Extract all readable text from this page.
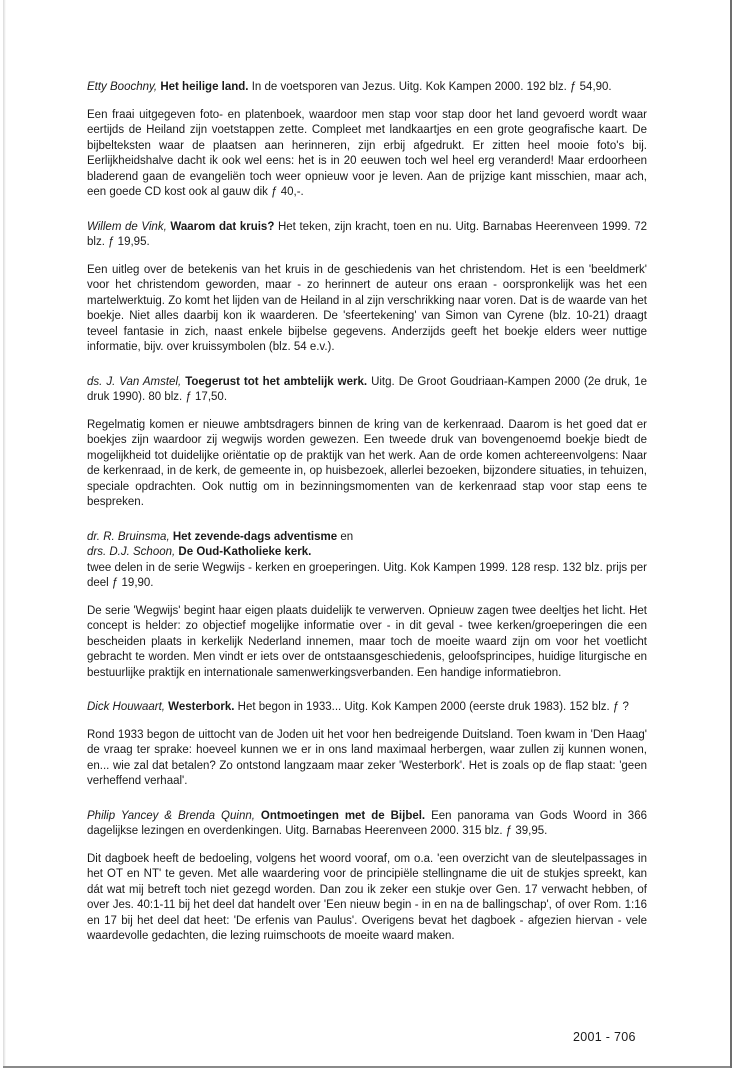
Etty Boochny, Het heilige land. In de voetsporen van Jezus. Uitg. Kok Kampen 2000. 192 blz. ƒ 54,90.

Een fraai uitgegeven foto- en platenboek, waardoor men stap voor stap door het land gevoerd wordt waar eertijds de Heiland zijn voetstappen zette. Compleet met landkaartjes en een grote geografische kaart. De bijbelteksten waar de plaatsen aan herinneren, zijn erbij afgedrukt. Er zitten heel mooie foto's bij. Eerlijkheidshalve dacht ik ook wel eens: het is in 20 eeuwen toch wel heel erg veranderd! Maar erdoorheen bladerend gaan de evangeliën toch weer opnieuw voor je leven. Aan de prijzige kant misschien, maar ach, een goede CD kost ook al gauw dik ƒ 40,-.

Willem de Vink, Waarom dat kruis? Het teken, zijn kracht, toen en nu. Uitg. Barnabas Heerenveen 1999. 72 blz. ƒ 19,95.

Een uitleg over de betekenis van het kruis in de geschiedenis van het christendom. Het is een 'beeldmerk' voor het christendom geworden, maar - zo herinnert de auteur ons eraan - oorspronkelijk was het een martelwerktuig. Zo komt het lijden van de Heiland in al zijn verschrikking naar voren. Dat is de waarde van het boekje. Niet alles daarbij kon ik waarderen. De 'sfeertekening' van Simon van Cyrene (blz. 10-21) draagt teveel fantasie in zich, naast enkele bijbelse gegevens. Anderzijds geeft het boekje elders weer nuttige informatie, bijv. over kruissymbolen (blz. 54 e.v.).

ds. J. Van Amstel, Toegerust tot het ambtelijk werk. Uitg. De Groot Goudriaan-Kampen 2000 (2e druk, 1e druk 1990). 80 blz. ƒ 17,50.

Regelmatig komen er nieuwe ambtsdragers binnen de kring van de kerkenraad. Daarom is het goed dat er boekjes zijn waardoor zij wegwijs worden gewezen. Een tweede druk van bovengenoemd boekje biedt de mogelijkheid tot duidelijke oriëntatie op de praktijk van het werk. Aan de orde komen achtereenvolgens: Naar de kerkenraad, in de kerk, de gemeente in, op huisbezoek, allerlei bezoeken, bijzondere situaties, in tehuizen, speciale opdrachten. Ook nuttig om in bezinningsmomenten van de kerkenraad stap voor stap eens te bespreken.

dr. R. Bruinsma, Het zevende-dags adventisme en
drs. D.J. Schoon, De Oud-Katholieke kerk.
twee delen in de serie Wegwijs - kerken en groeperingen. Uitg. Kok Kampen 1999. 128 resp. 132 blz. prijs per deel ƒ 19,90.

De serie 'Wegwijs' begint haar eigen plaats duidelijk te verwerven. Opnieuw zagen twee deeltjes het licht. Het concept is helder: zo objectief mogelijke informatie over - in dit geval - twee kerken/groeperingen die een bescheiden plaats in kerkelijk Nederland innemen, maar toch de moeite waard zijn om voor het voetlicht gebracht te worden. Men vindt er iets over de ontstaansgeschiedenis, geloofsprincipes, huidige liturgische en bestuurlijke praktijk en internationale samenwerkingsverbanden. Een handige informatiebron.

Dick Houwaart, Westerbork. Het begon in 1933... Uitg. Kok Kampen 2000 (eerste druk 1983). 152 blz. ƒ ?

Rond 1933 begon de uittocht van de Joden uit het voor hen bedreigende Duitsland. Toen kwam in 'Den Haag' de vraag ter sprake: hoeveel kunnen we er in ons land maximaal herbergen, waar zullen zij kunnen wonen, en... wie zal dat betalen? Zo ontstond langzaam maar zeker 'Westerbork'. Het is zoals op de flap staat: 'geen verheffend verhaal'.

Philip Yancey & Brenda Quinn, Ontmoetingen met de Bijbel. Een panorama van Gods Woord in 366 dagelijkse lezingen en overdenkingen. Uitg. Barnabas Heerenveen 2000. 315 blz. ƒ 39,95.

Dit dagboek heeft de bedoeling, volgens het woord vooraf, om o.a. 'een overzicht van de sleutelpassages in het OT en NT' te geven. Met alle waardering voor de principiële stellingname die uit de stukjes spreekt, kan dát wat mij betreft toch niet gezegd worden. Dan zou ik zeker een stukje over Gen. 17 verwacht hebben, of over Jes. 40:1-11 bij het deel dat handelt over 'Een nieuw begin - in en na de ballingschap', of over Rom. 1:16 en 17 bij het deel dat heet: 'De erfenis van Paulus'. Overigens bevat het dagboek - afgezien hiervan - vele waardevolle gedachten, die lezing ruimschoots de moeite waard maken.

2001 - 706
